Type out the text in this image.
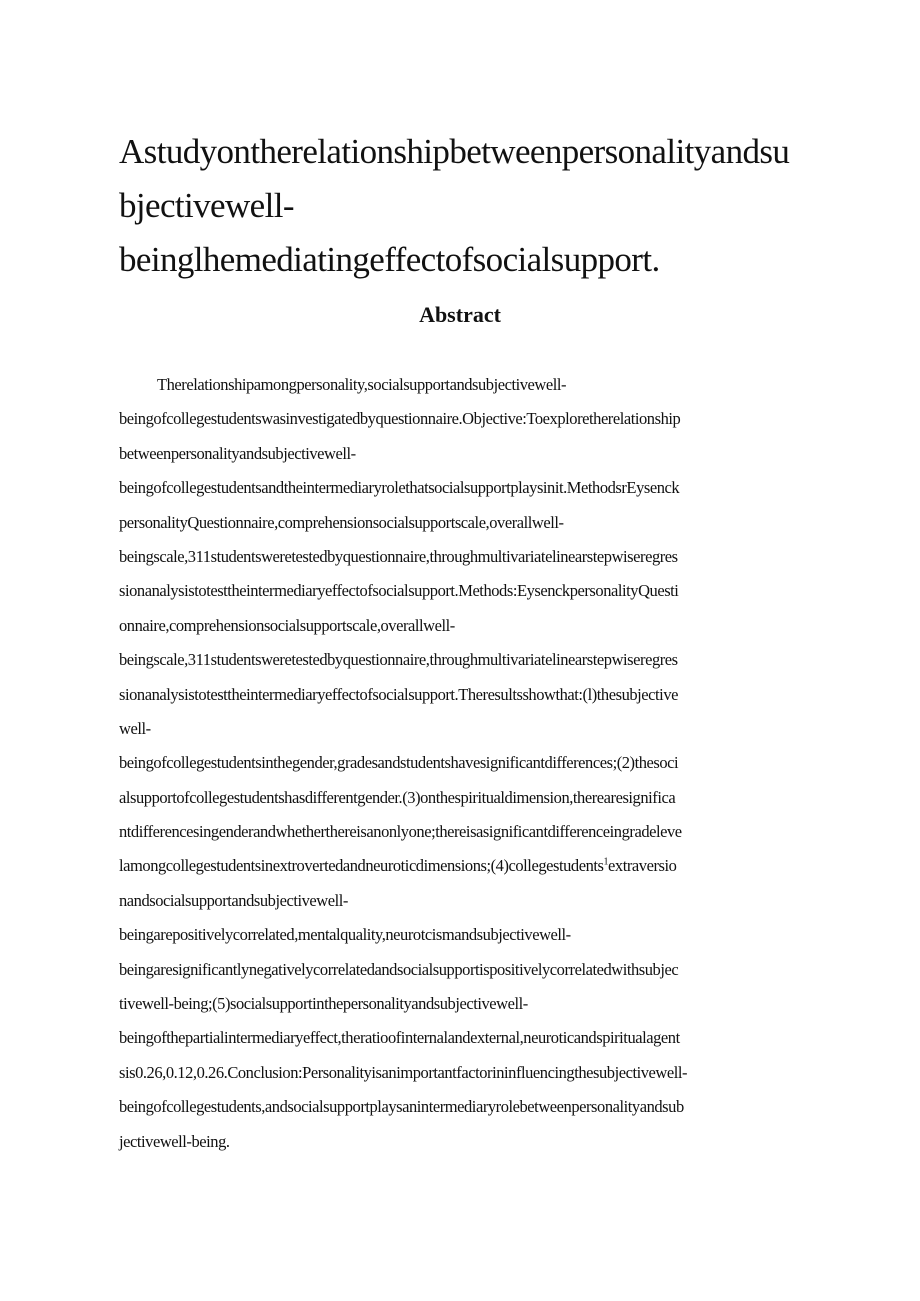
Astudyontherelationshipbetweenpersonalityandsu
bjectivewell-
beinglhemediatingeffectofsocialsupport.
Abstract
Therelationshipamongpersonality,socialsupportandsubjectivewell-
beingofcollegestudentswasinvestigatedbyquestionnaire.Objective:Toexploretherelationship
betweenpersonalityandsubjectivewell-
beingofcollegestudentsandtheintermediaryrolethatsocialsupportplaysinit.MethodsrEysenck
personalityQuestionnaire,comprehensionsocialsupportscale,overallwell-
beingscale,311studentsweretestedbyquestionnaire,throughmultivariatelinearstepwiseregres
sionanalysistotesttheintermediaryeffectofsocialsupport.Methods:EysenckpersonalityQuesti
onnaire,comprehensionsocialsupportscale,overallwell-
beingscale,311studentsweretestedbyquestionnaire,throughmultivariatelinearstepwiseregres
sionanalysistotesttheintermediaryeffectofsocialsupport.Theresultsshowthat:(l)thesubjective
well-
beingofcollegestudentsinthegender,gradesandstudentshavesignificantdifferences;(2)thesoci
alsupportofcollegestudentshasdifferentgender.(3)onthespiritualdimension,therearesignifica
ntdifferencesingenderandwhetherthereisanonlyone;thereisasignificantdifferenceingradeleve
lamongcollegestudentsinextrovertedandneuroticdimensions;(4)collegestudents$^1$extraversio
nandsocialsupportandsubjectivewell-
beingarepositivelycorrelated,mentalquality,neurotcismandsubjectivewell-
beingaresignificantlynegativelycorrelatedandsocialsupportispositivelycorrelatedwithsubjec
tivewell-being;(5)socialsupportinthepersonalityandsubjectivewell-
beingofthepartialintermediaryeffect,theratioofinternalandexternal,neuroticandspiritualagent
sis0.26,0.12,0.26.Conclusion:Personalityisanimportantfactorininfluencingthesubjectivewell-
beingofcollegestudents,andsocialsupportplaysanintermediaryrolebetweenpersonalityandsub
jectivewell-being.
